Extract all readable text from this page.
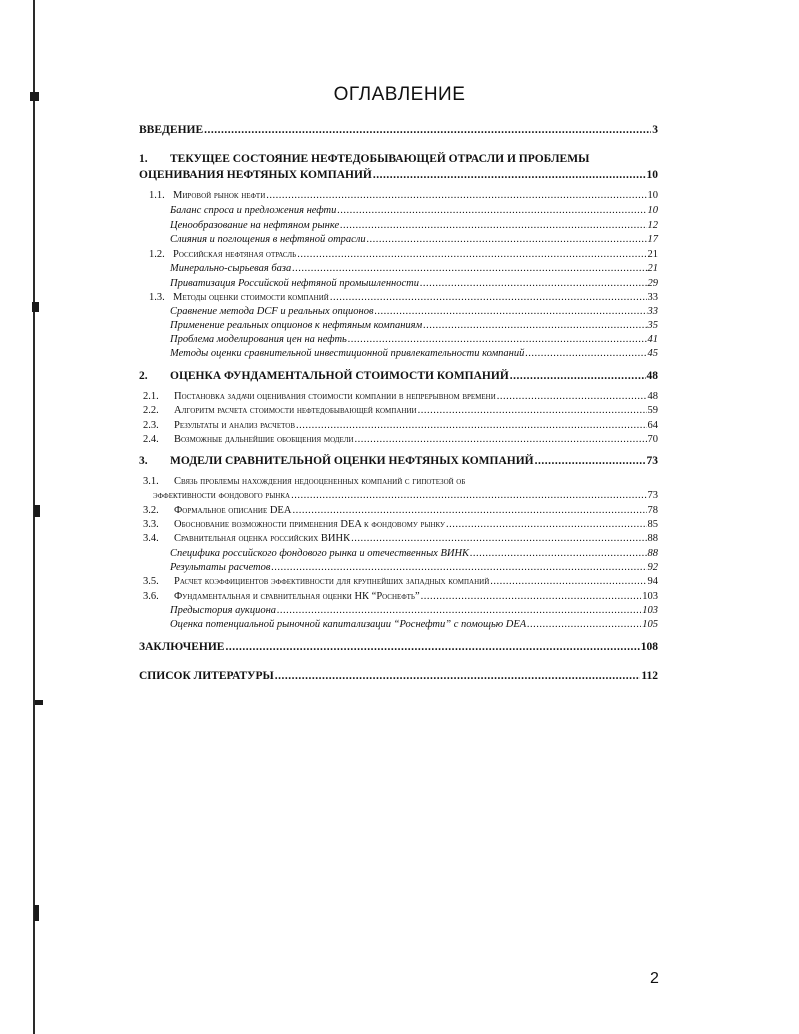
ОГЛАВЛЕНИЕ
ВВЕДЕНИЕ .....	3
1.	ТЕКУЩЕЕ СОСТОЯНИЕ НЕФТЕДОБЫВАЮЩЕЙ ОТРАСЛИ И ПРОБЛЕМЫ
ОЦЕНИВАНИЯ НЕФТЯНЫХ КОМПАНИЙ .....	10
1.1. Мировой рынок нефти .....	10
Баланс спроса и предложения нефти .....	10
Ценообразование на нефтяном рынке .....	12
Слияния и поглощения в нефтяной отрасли .....	17
1.2. Российская нефтяная отрасль .....	21
Минерально-сырьевая база .....	21
Приватизация Российской нефтяной промышленности .....	29
1.3. Методы оценки стоимости компаний .....	33
Сравнение метода DCF и реальных опционов .....	33
Применение реальных опционов к нефтяным компаниям .....	35
Проблема моделирования цен на нефть .....	41
Методы оценки сравнительной инвестиционной привлекательности компаний .....	45
2.	ОЦЕНКА ФУНДАМЕНТАЛЬНОЙ СТОИМОСТИ КОМПАНИЙ .....	48
2.1.	Постановка задачи оценивания стоимости компании в непрерывном времени .....	48
2.2.	Алгоритм расчета стоимости нефтедобывающей компании .....	59
2.3.	Результаты и анализ расчетов .....	64
2.4.	Возможные дальнейшие обобщения модели .....	70
3.	МОДЕЛИ СРАВНИТЕЛЬНОЙ ОЦЕНКИ НЕФТЯНЫХ КОМПАНИЙ .....	73
3.1.	Связь проблемы нахождения недооцененных компаний с гипотезой об
эффективности фондового рынка .....	73
3.2.	Формальное описание DEA .....	78
3.3.	Обоснование возможности применения DEA к фондовому рынку .....	85
3.4.	Сравнительная оценка российских ВИНК .....	88
Специфика российского фондового рынка и отечественных ВИНК .....	88
Результаты расчетов .....	92
3.5.	Расчет коэффициентов эффективности для крупнейших западных компаний .....	94
3.6.	Фундаментальная и сравнительная оценки НК “Роснефть” .....	103
Предыстория аукциона .....	103
Оценка потенциальной рыночной капитализации “Роснефти” с помощью DEA .....	105
ЗАКЛЮЧЕНИЕ .....	108
СПИСОК ЛИТЕРАТУРЫ .....	112
2
